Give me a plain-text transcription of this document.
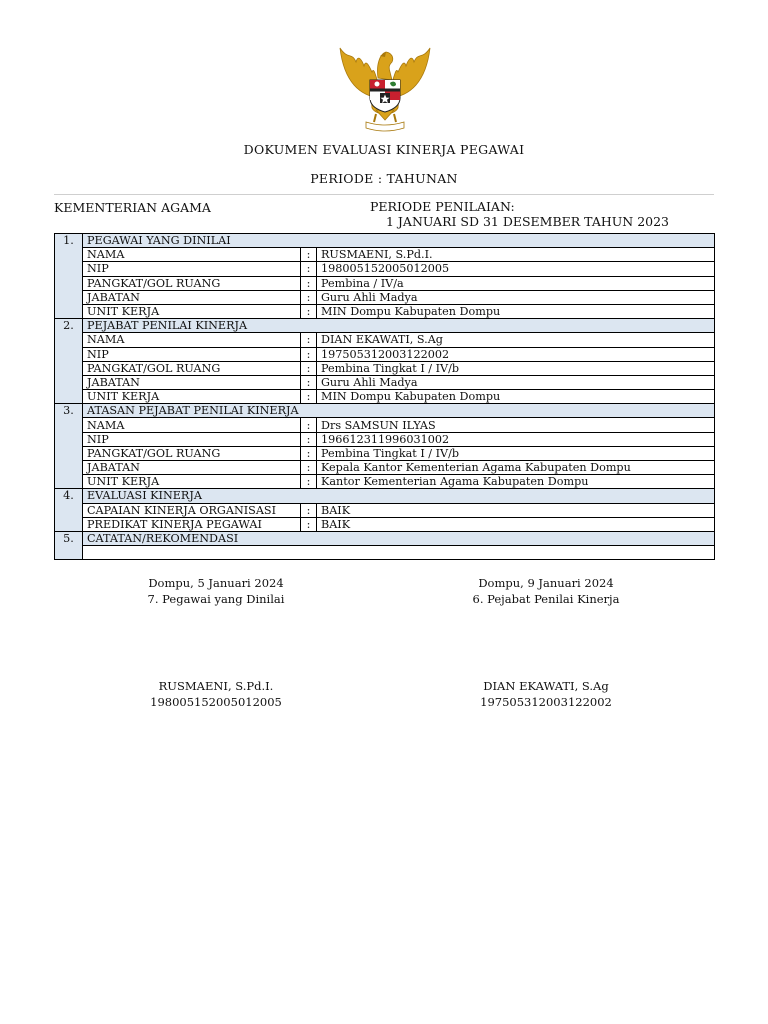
DOKUMEN EVALUASI KINERJA PEGAWAI
PERIODE : TAHUNAN
KEMENTERIAN AGAMA	PERIODE PENILAIAN:
1 JANUARI SD 31 DESEMBER TAHUN 2023
1.	PEGAWAI YANG DINILAI		
	NAMA	:	RUSMAENI, S.Pd.I.
	NIP	:	198005152005012005
	PANGKAT/GOL RUANG	:	Pembina / IV/a
	JABATAN	:	Guru Ahli Madya
	UNIT KERJA	:	MIN Dompu Kabupaten Dompu
2.	PEJABAT PENILAI KINERJA		
	NAMA	:	DIAN EKAWATI, S.Ag
	NIP	:	197505312003122002
	PANGKAT/GOL RUANG	:	Pembina Tingkat I / IV/b
	JABATAN	:	Guru Ahli Madya
	UNIT KERJA	:	MIN Dompu Kabupaten Dompu
3.	ATASAN PEJABAT PENILAI KINERJA		
	NAMA	:	Drs SAMSUN ILYAS
	NIP	:	196612311996031002
	PANGKAT/GOL RUANG	:	Pembina Tingkat I / IV/b
	JABATAN	:	Kepala Kantor Kementerian Agama Kabupaten Dompu
	UNIT KERJA	:	Kantor Kementerian Agama Kabupaten Dompu
4.	EVALUASI KINERJA		
	CAPAIAN KINERJA ORGANISASI	:	BAIK
	PREDIKAT KINERJA PEGAWAI	:	BAIK
5.	CATATAN/REKOMENDASI		

Dompu, 5 Januari 2024
7. Pegawai yang Dinilai
Dompu, 9 Januari 2024
6. Pejabat Penilai Kinerja
RUSMAENI, S.Pd.I.
198005152005012005
DIAN EKAWATI, S.Ag
197505312003122002
